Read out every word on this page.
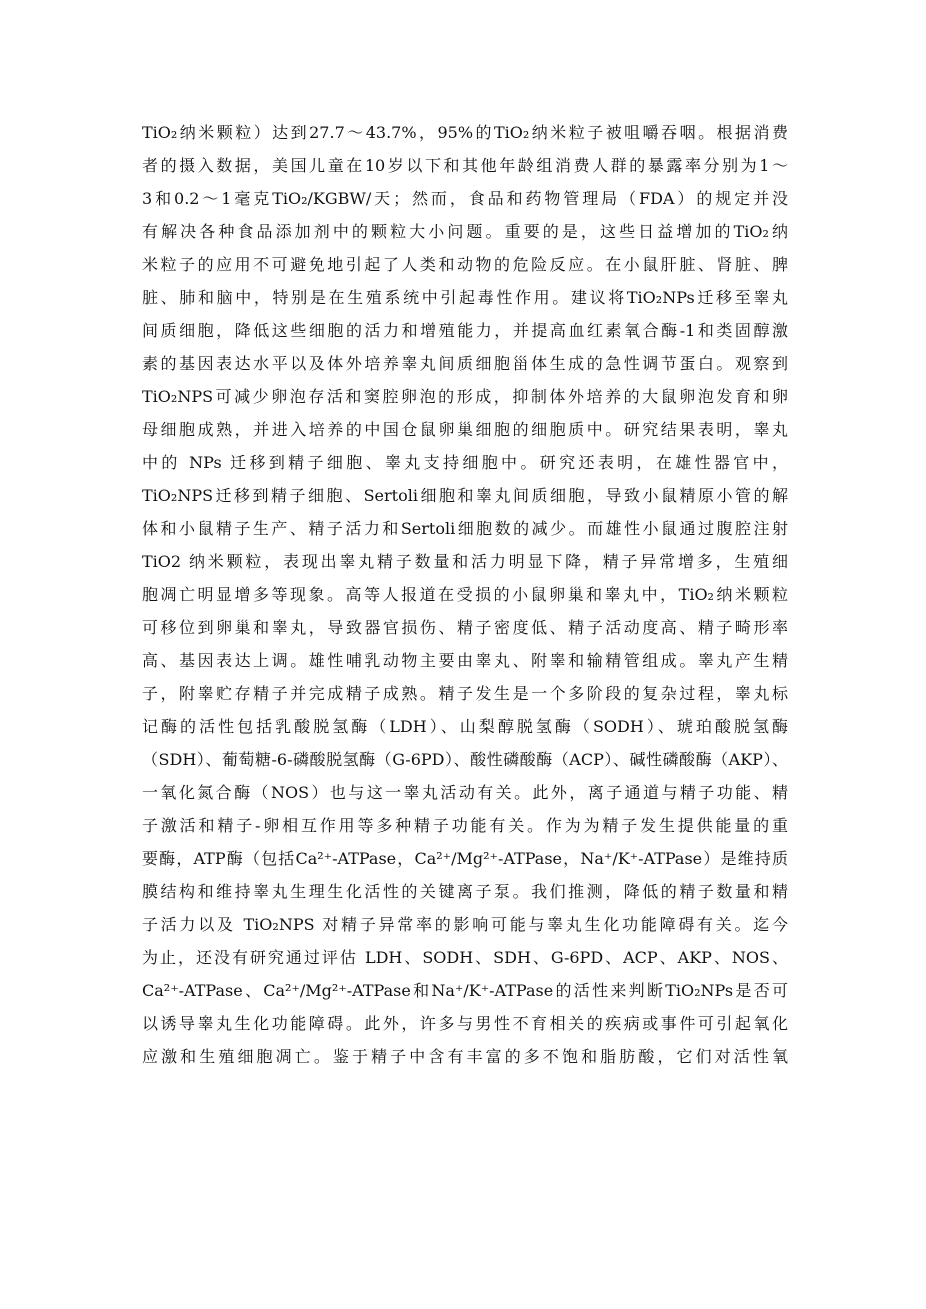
TiO₂纳米颗粒）达到27.7～43.7%，95%的TiO₂纳米粒子被咀嚼吞咽。根据消费
者的摄入数据，美国儿童在10岁以下和其他年龄组消费人群的暴露率分别为1～
3和0.2～1毫克TiO₂/KGBW/天；然而，食品和药物管理局（FDA）的规定并没
有解决各种食品添加剂中的颗粒大小问题。重要的是，这些日益增加的TiO₂纳
米粒子的应用不可避免地引起了人类和动物的危险反应。在小鼠肝脏、肾脏、脾
脏、肺和脑中，特别是在生殖系统中引起毒性作用。建议将TiO₂NPs迁移至睾丸
间质细胞，降低这些细胞的活力和增殖能力，并提高血红素氧合酶-1和类固醇激
素的基因表达水平以及体外培养睾丸间质细胞甾体生成的急性调节蛋白。观察到
TiO₂NPS可减少卵泡存活和窦腔卵泡的形成，抑制体外培养的大鼠卵泡发育和卵
母细胞成熟，并进入培养的中国仓鼠卵巢细胞的细胞质中。研究结果表明，睾丸
中的 NPs 迁移到精子细胞、睾丸支持细胞中。研究还表明，在雄性器官中，
TiO₂NPS迁移到精子细胞、Sertoli细胞和睾丸间质细胞，导致小鼠精原小管的解
体和小鼠精子生产、精子活力和Sertoli细胞数的减少。而雄性小鼠通过腹腔注射
TiO2 纳米颗粒，表现出睾丸精子数量和活力明显下降，精子异常增多，生殖细
胞凋亡明显增多等现象。高等人报道在受损的小鼠卵巢和睾丸中，TiO₂纳米颗粒
可移位到卵巢和睾丸，导致器官损伤、精子密度低、精子活动度高、精子畸形率
高、基因表达上调。雄性哺乳动物主要由睾丸、附睾和输精管组成。睾丸产生精
子，附睾贮存精子并完成精子成熟。精子发生是一个多阶段的复杂过程，睾丸标
记酶的活性包括乳酸脱氢酶（LDH）、山梨醇脱氢酶（SODH）、琥珀酸脱氢酶
（SDH）、葡萄糖-6-磷酸脱氢酶（G-6PD）、酸性磷酸酶（ACP）、碱性磷酸酶（AKP）、
一氧化氮合酶（NOS）也与这一睾丸活动有关。此外，离子通道与精子功能、精
子激活和精子-卵相互作用等多种精子功能有关。作为为精子发生提供能量的重
要酶，ATP酶（包括Ca²⁺-ATPase，Ca²⁺/Mg²⁺-ATPase，Na⁺/K⁺-ATPase）是维持质
膜结构和维持睾丸生理生化活性的关键离子泵。我们推测，降低的精子数量和精
子活力以及 TiO₂NPS 对精子异常率的影响可能与睾丸生化功能障碍有关。迄今
为止，还没有研究通过评估 LDH、SODH、SDH、G-6PD、ACP、AKP、NOS、
Ca²⁺-ATPase、Ca²⁺/Mg²⁺-ATPase和Na⁺/K⁺-ATPase的活性来判断TiO₂NPs是否可
以诱导睾丸生化功能障碍。此外，许多与男性不育相关的疾病或事件可引起氧化
应激和生殖细胞凋亡。鉴于精子中含有丰富的多不饱和脂肪酸，它们对活性氧
